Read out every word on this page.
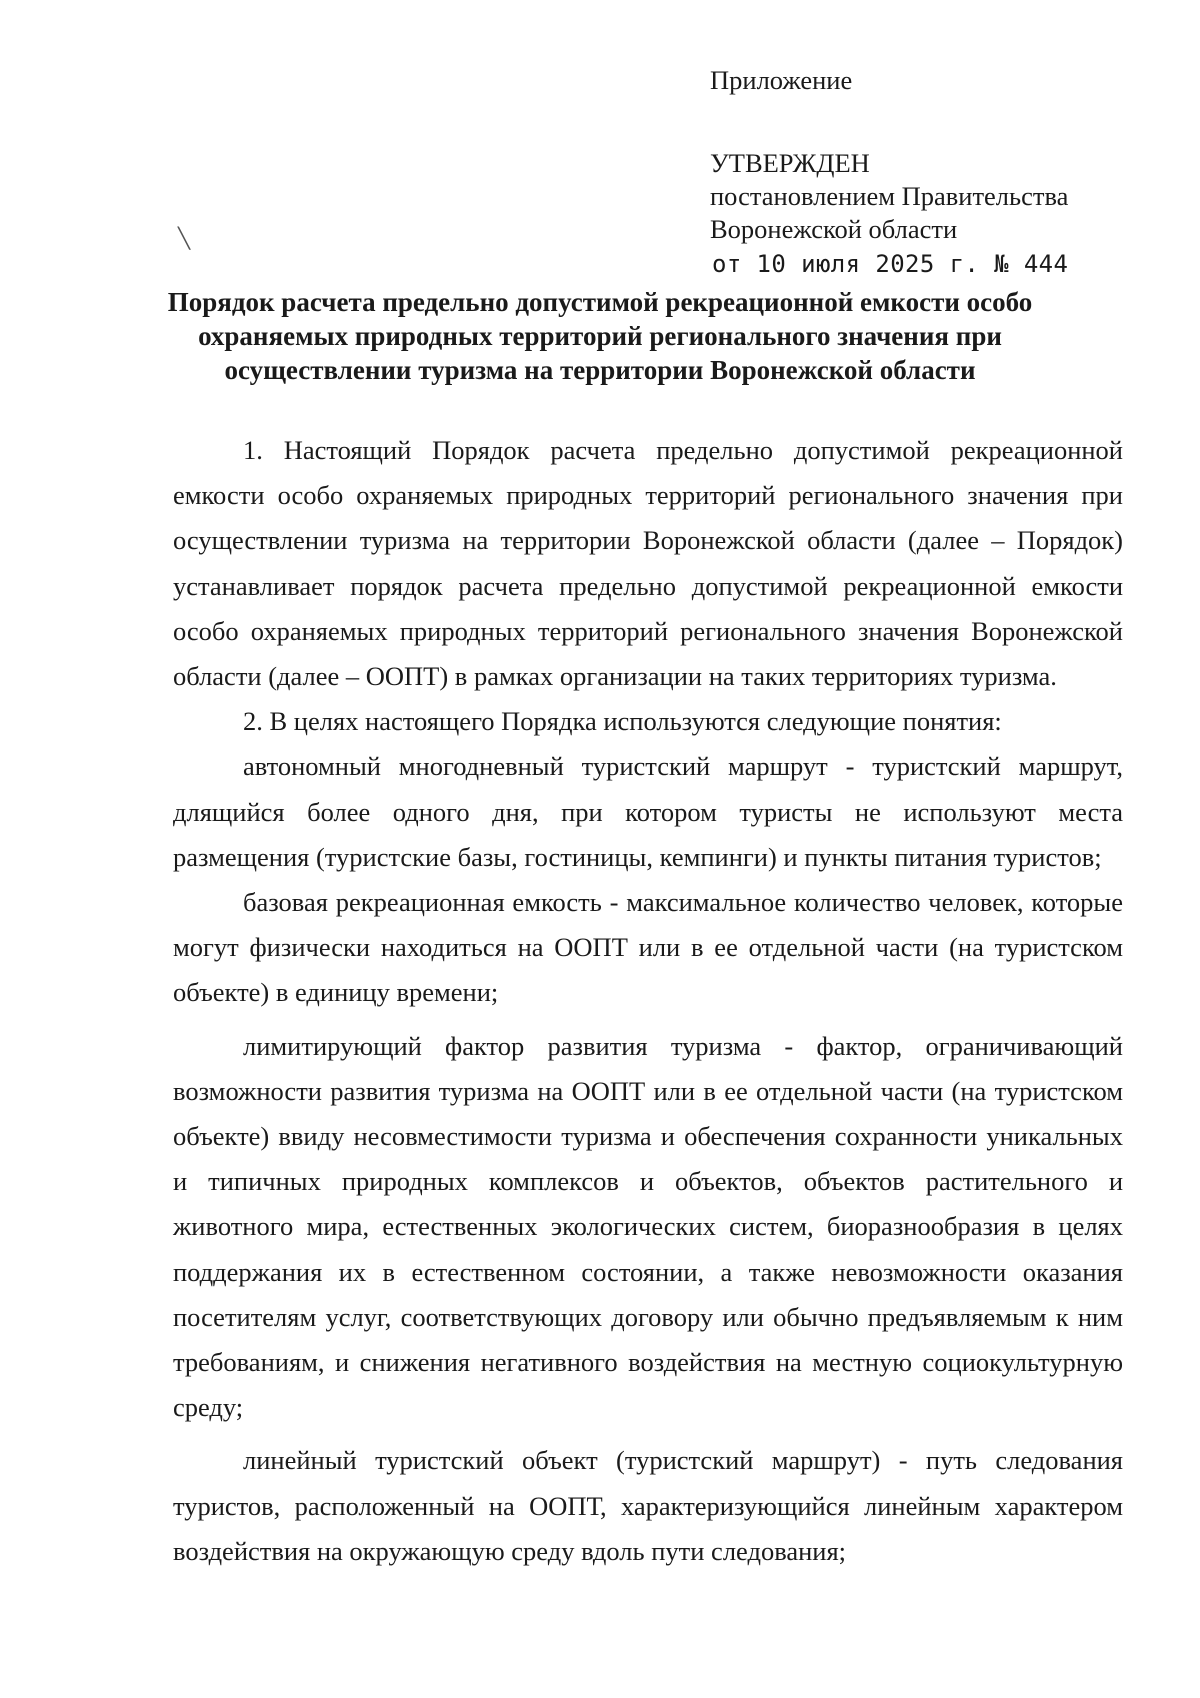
Приложение
УТВЕРЖДЕН
постановлением Правительства
Воронежской области
от 10 июля 2025 г. № 444
╲
Порядок расчета предельно допустимой рекреационной емкости особо охраняемых природных территорий регионального значения при осуществлении туризма на территории Воронежской области

1. Настоящий Порядок расчета предельно допустимой рекреационной емкости особо охраняемых природных территорий регионального значения при осуществлении туризма на территории Воронежской области (далее – Порядок) устанавливает порядок расчета предельно допустимой рекреационной емкости особо охраняемых природных территорий регионального значения Воронежской области (далее – ООПТ) в рамках организации на таких территориях туризма.

2. В целях настоящего Порядка используются следующие понятия:

автономный многодневный туристский маршрут - туристский маршрут, длящийся более одного дня, при котором туристы не используют места размещения (туристские базы, гостиницы, кемпинги) и пункты питания туристов;

базовая рекреационная емкость - максимальное количество человек, которые могут физически находиться на ООПТ или в ее отдельной части (на туристском объекте) в единицу времени;

лимитирующий фактор развития туризма - фактор, ограничивающий возможности развития туризма на ООПТ или в ее отдельной части (на туристском объекте) ввиду несовместимости туризма и обеспечения сохранности уникальных и типичных природных комплексов и объектов, объектов растительного и животного мира, естественных экологических систем, биоразнообразия в целях поддержания их в естественном состоянии, а также невозможности оказания посетителям услуг, соответствующих договору или обычно предъявляемым к ним требованиям, и снижения негативного воздействия на местную социокультурную среду;

линейный туристский объект (туристский маршрут) - путь следования туристов, расположенный на ООПТ, характеризующийся линейным характером воздействия на окружающую среду вдоль пути следования;
